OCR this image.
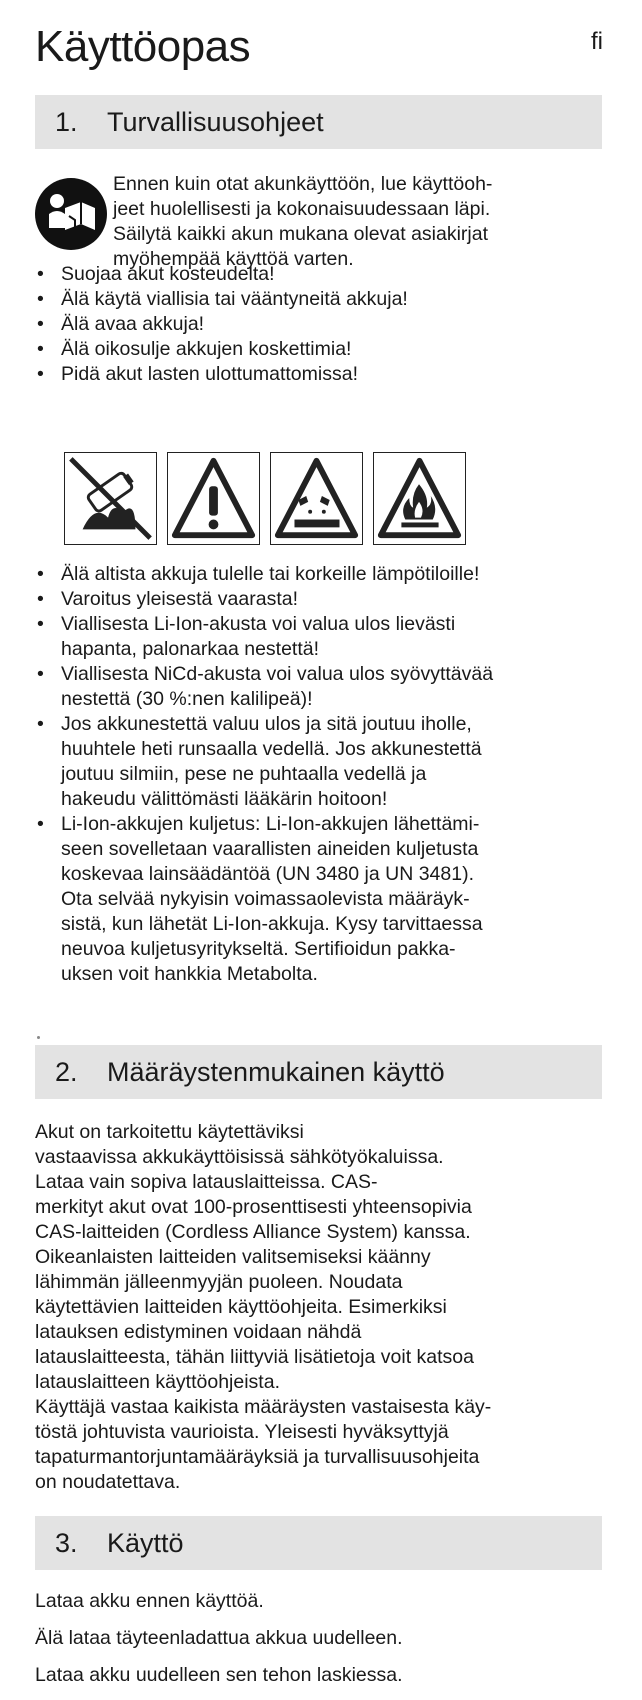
Käyttöopas	fi
1.	Turvallisuusohjeet
Ennen kuin otat akunkäyttöön, lue käyttöoh-
jeet huolellisesti ja kokonaisuudessaan läpi.
Säilytä kaikki akun mukana olevat asiakirjat
myöhempää käyttöä varten.
• Suojaa akut kosteudelta!
• Älä käytä viallisia tai vääntyneitä akkuja!
• Älä avaa akkuja!
• Älä oikosulje akkujen koskettimia!
• Pidä akut lasten ulottumattomissa!
• Älä altista akkuja tulelle tai korkeille lämpötiloille!
• Varoitus yleisestä vaarasta!
• Viallisesta Li-Ion-akusta voi valua ulos lievästi
hapanta, palonarkaa nestettä!
• Viallisesta NiCd-akusta voi valua ulos syövyttävää
nestettä (30 %:nen kalilipeä)!
• Jos akkunestettä valuu ulos ja sitä joutuu iholle,
huuhtele heti runsaalla vedellä. Jos akkunestettä
joutuu silmiin, pese ne puhtaalla vedellä ja
hakeudu välittömästi lääkärin hoitoon!
• Li-Ion-akkujen kuljetus: Li-Ion-akkujen lähettämi-
seen sovelletaan vaarallisten aineiden kuljetusta
koskevaa lainsäädäntöä (UN 3480 ja UN 3481).
Ota selvää nykyisin voimassaolevista määräyk-
sistä, kun lähetät Li-Ion-akkuja. Kysy tarvittaessa
neuvoa kuljetusyritykseltä. Sertifioidun pakka-
uksen voit hankkia Metabolta.
2.	Määräystenmukainen käyttö

Akut on tarkoitettu käytettäviksi

vastaavissa akkukäyttöisissä sähkötyökaluissa.

Lataa vain sopiva latauslaitteissa. CAS-

merkityt akut ovat 100-prosenttisesti yhteensopivia

CAS-laitteiden (Cordless Alliance System) kanssa.

Oikeanlaisten laitteiden valitsemiseksi käänny

lähimmän jälleenmyyjän puoleen. Noudata

käytettävien laitteiden käyttöohjeita. Esimerkiksi

latauksen edistyminen voidaan nähdä

latauslaitteesta, tähän liittyviä lisätietoja voit katsoa

latauslaitteen käyttöohjeista.

Käyttäjä vastaa kaikista määräysten vastaisesta käy-

töstä johtuvista vaurioista. Yleisesti hyväksyttyjä

tapaturmantorjuntamääräyksiä ja turvallisuusohjeita

on noudatettava.

3.	Käyttö

Lataa akku ennen käyttöä.

Älä lataa täyteenladattua akkua uudelleen.

Lataa akku uudelleen sen tehon laskiessa.
